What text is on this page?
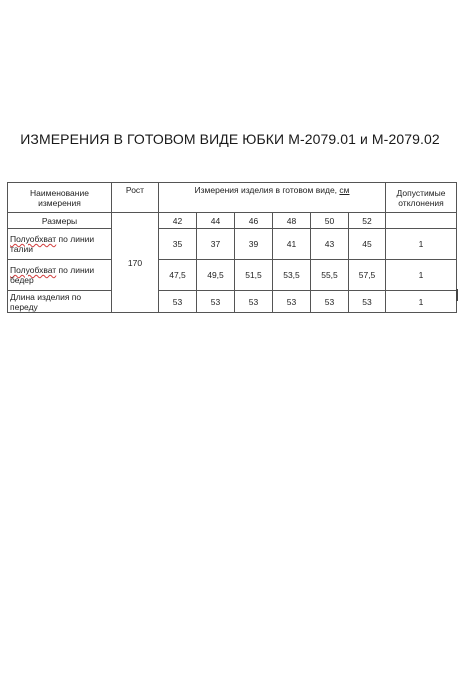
ИЗМЕРЕНИЯ В ГОТОВОМ ВИДЕ ЮБКИ М-2079.01 и М-2079.02
Наименование измерения	Рост	Измерения изделия в готовом виде, см						Допустимые отклонения
Размеры	170	42	44	46	48	50	52	
Полуобхват по линии талии		35	37	39	41	43	45	1
Полуобхват по линии бедер		47,5	49,5	51,5	53,5	55,5	57,5	1
Длина изделия по переду		53	53	53	53	53	53	1
